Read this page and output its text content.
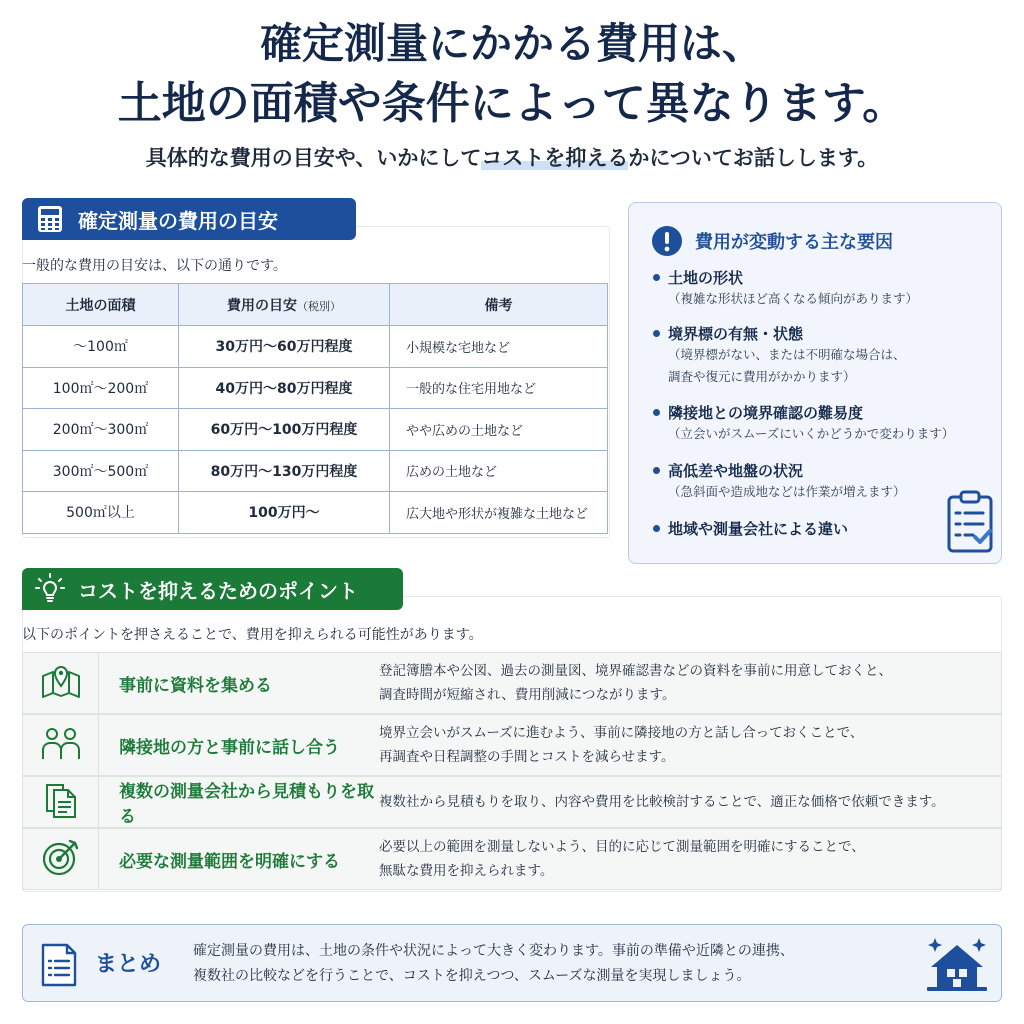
確定測量にかかる費用は、
土地の面積や条件によって異なります。
具体的な費用の目安や、いかにしてコストを抑えるかについてお話しします。
確定測量の費用の目安
一般的な費用の目安は、以下の通りです。
土地の面積	費用の目安（税別）	備考
〜100㎡	30万円〜60万円程度	小規模な宅地など
100㎡〜200㎡	40万円〜80万円程度	一般的な住宅用地など
200㎡〜300㎡	60万円〜100万円程度	やや広めの土地など
300㎡〜500㎡	80万円〜130万円程度	広めの土地など
500㎡以上	100万円〜	広大地や形状が複雑な土地など
費用が変動する主な要因
土地の形状
（複雑な形状ほど高くなる傾向があります）
境界標の有無・状態
（境界標がない、または不明確な場合は、
調査や復元に費用がかかります）
隣接地との境界確認の難易度
（立会いがスムーズにいくかどうかで変わります）
高低差や地盤の状況
（急斜面や造成地などは作業が増えます）
地域や測量会社による違い
コストを抑えるためのポイント
以下のポイントを押さえることで、費用を抑えられる可能性があります。
事前に資料を集める
登記簿謄本や公図、過去の測量図、境界確認書などの資料を事前に用意しておくと、
調査時間が短縮され、費用削減につながります。
隣接地の方と事前に話し合う
境界立会いがスムーズに進むよう、事前に隣接地の方と話し合っておくことで、
再調査や日程調整の手間とコストを減らせます。
複数の測量会社から見積もりを取る
複数社から見積もりを取り、内容や費用を比較検討することで、適正な価格で依頼できます。
必要な測量範囲を明確にする
必要以上の範囲を測量しないよう、目的に応じて測量範囲を明確にすることで、
無駄な費用を抑えられます。
まとめ
確定測量の費用は、土地の条件や状況によって大きく変わります。事前の準備や近隣との連携、
複数社の比較などを行うことで、コストを抑えつつ、スムーズな測量を実現しましょう。
